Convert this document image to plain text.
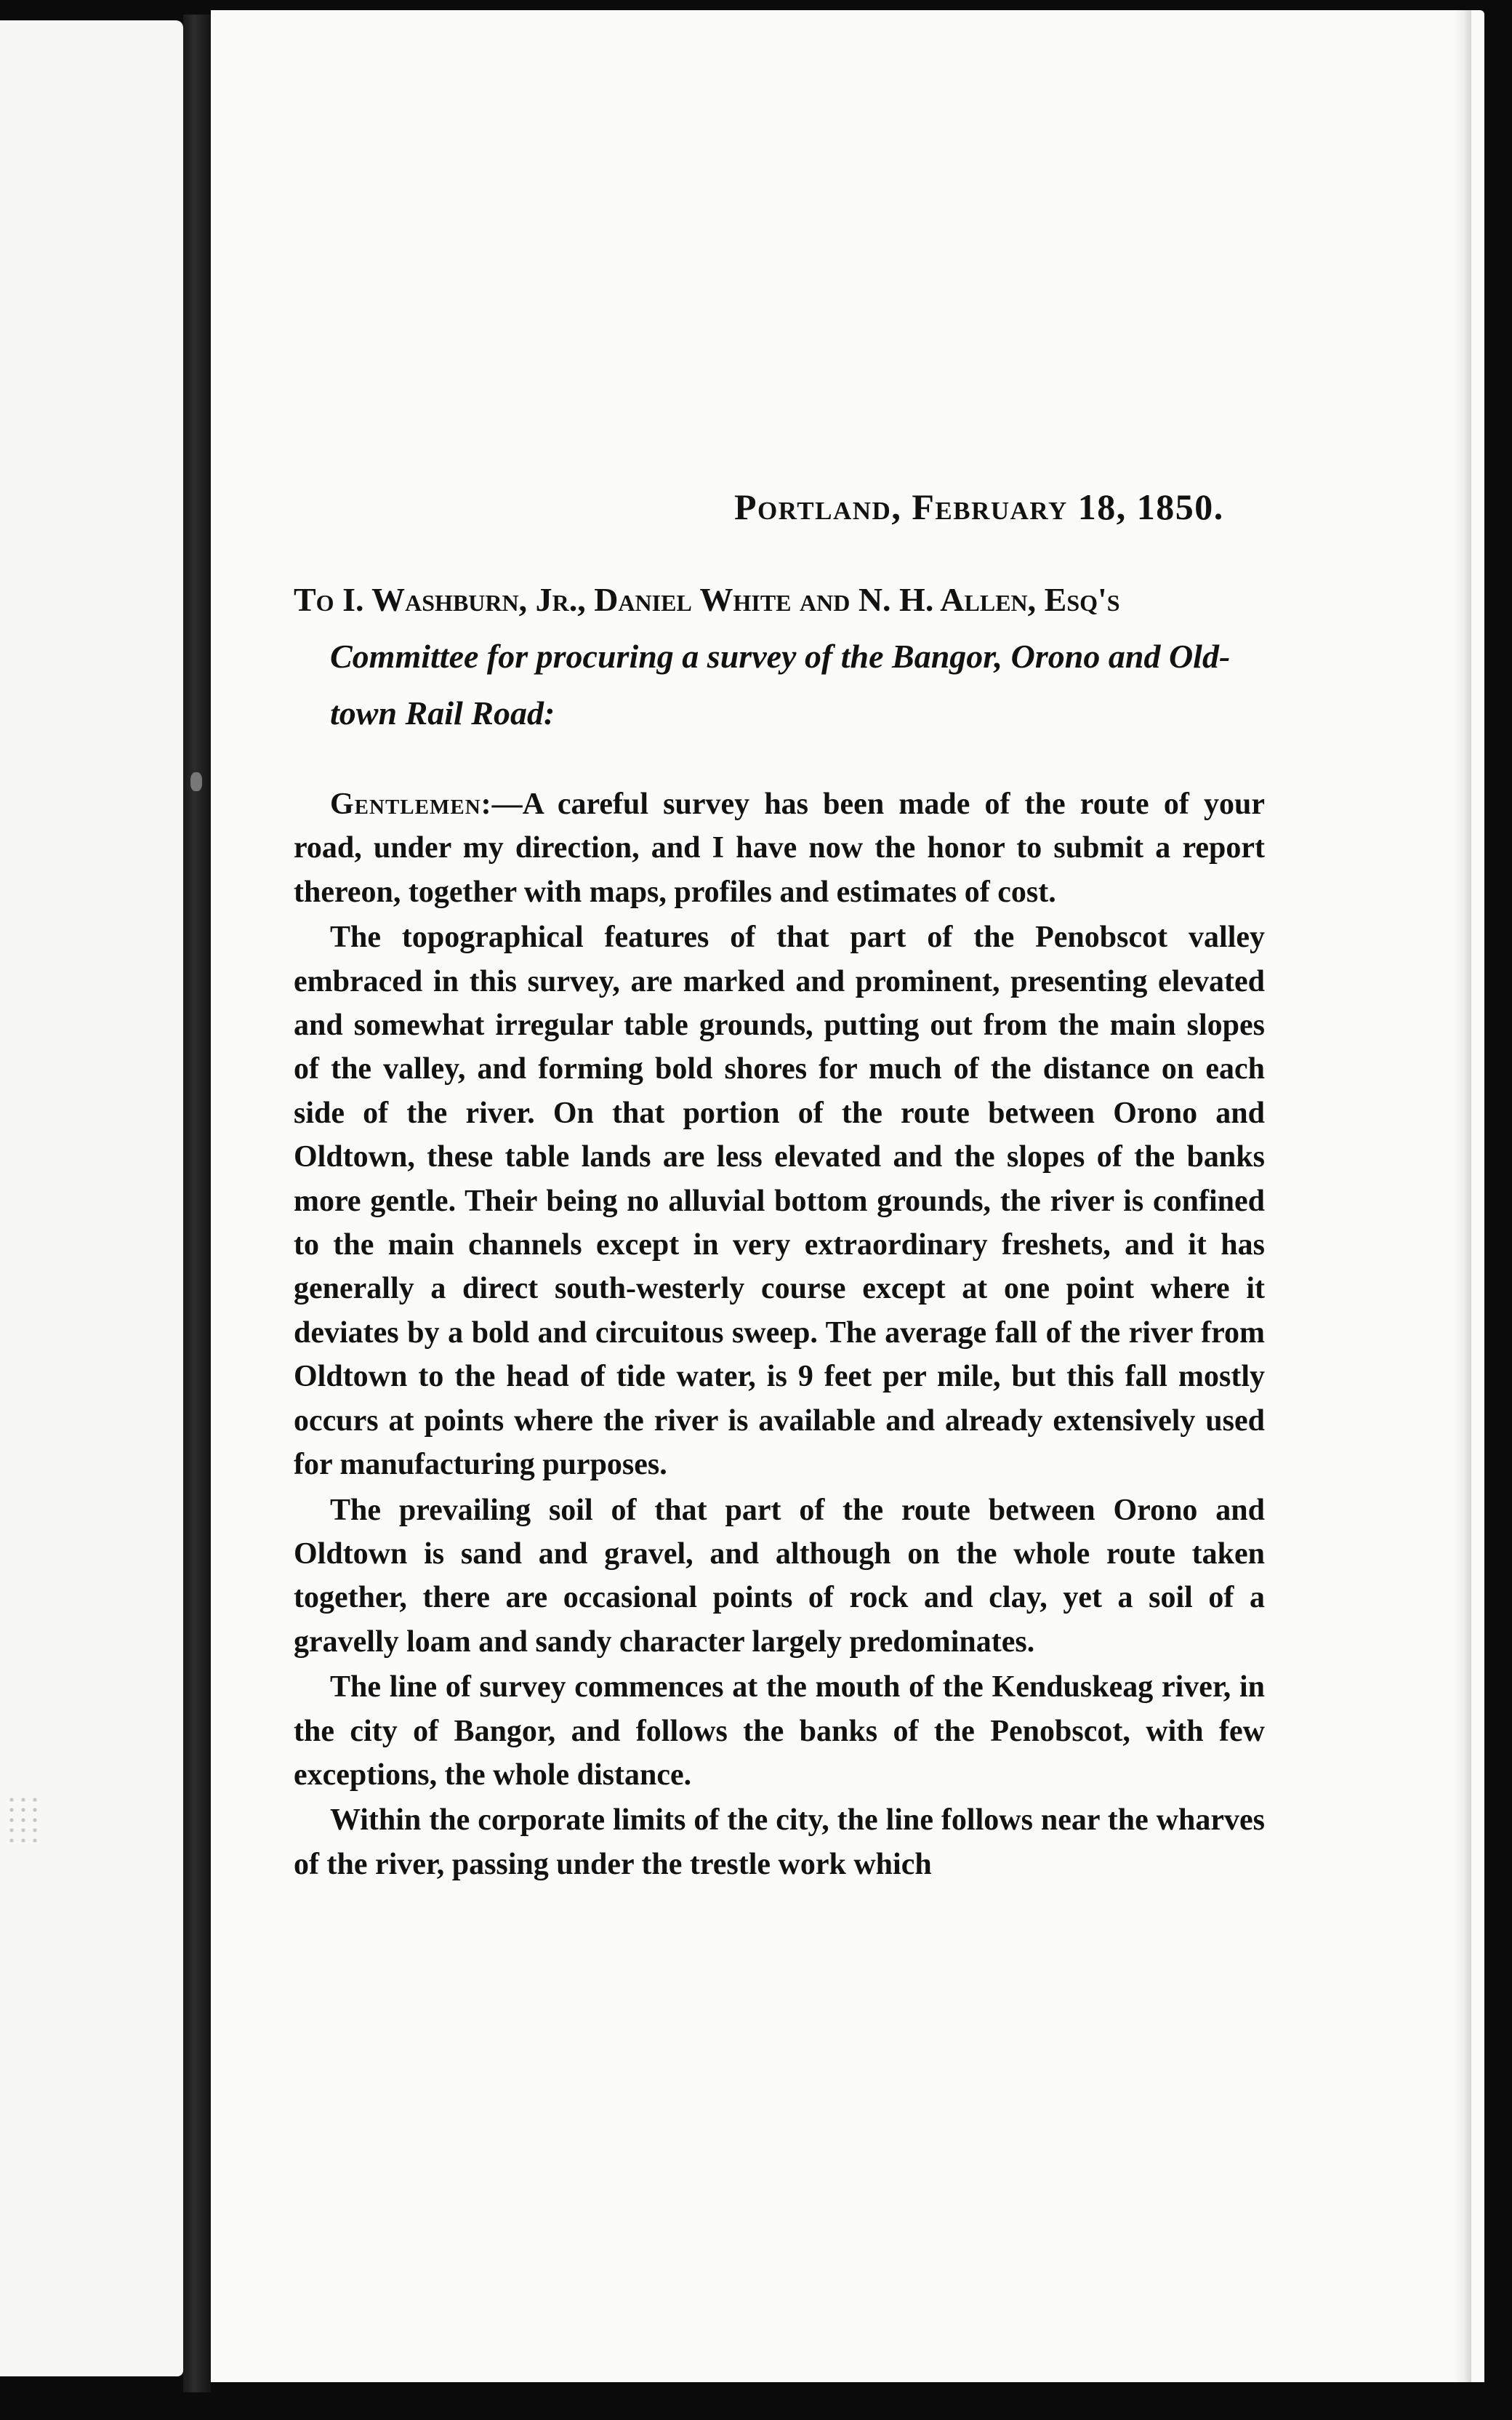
Portland, February 18, 1850.
To I. Washburn, Jr., Daniel White and N. H. Allen, Esq's
Committee for procuring a survey of the Bangor, Orono and Old-
town Rail Road:

Gentlemen:—A careful survey has been made of the route of your road, under my direction, and I have now the honor to submit a report thereon, together with maps, profiles and estimates of cost.

The topographical features of that part of the Penobscot valley embraced in this survey, are marked and prominent, presenting elevated and somewhat irregular table grounds, putting out from the main slopes of the valley, and forming bold shores for much of the distance on each side of the river. On that portion of the route between Orono and Oldtown, these table lands are less elevated and the slopes of the banks more gentle. Their being no alluvial bottom grounds, the river is confined to the main channels except in very extraordinary freshets, and it has generally a direct south-westerly course except at one point where it deviates by a bold and circuitous sweep. The average fall of the river from Oldtown to the head of tide water, is 9 feet per mile, but this fall mostly occurs at points where the river is available and already extensively used for manufacturing purposes.

The prevailing soil of that part of the route between Orono and Oldtown is sand and gravel, and although on the whole route taken together, there are occasional points of rock and clay, yet a soil of a gravelly loam and sandy character largely predominates.

The line of survey commences at the mouth of the Kenduskeag river, in the city of Bangor, and follows the banks of the Penobscot, with few exceptions, the whole distance.

Within the corporate limits of the city, the line follows near the wharves of the river, passing under the trestle work which
